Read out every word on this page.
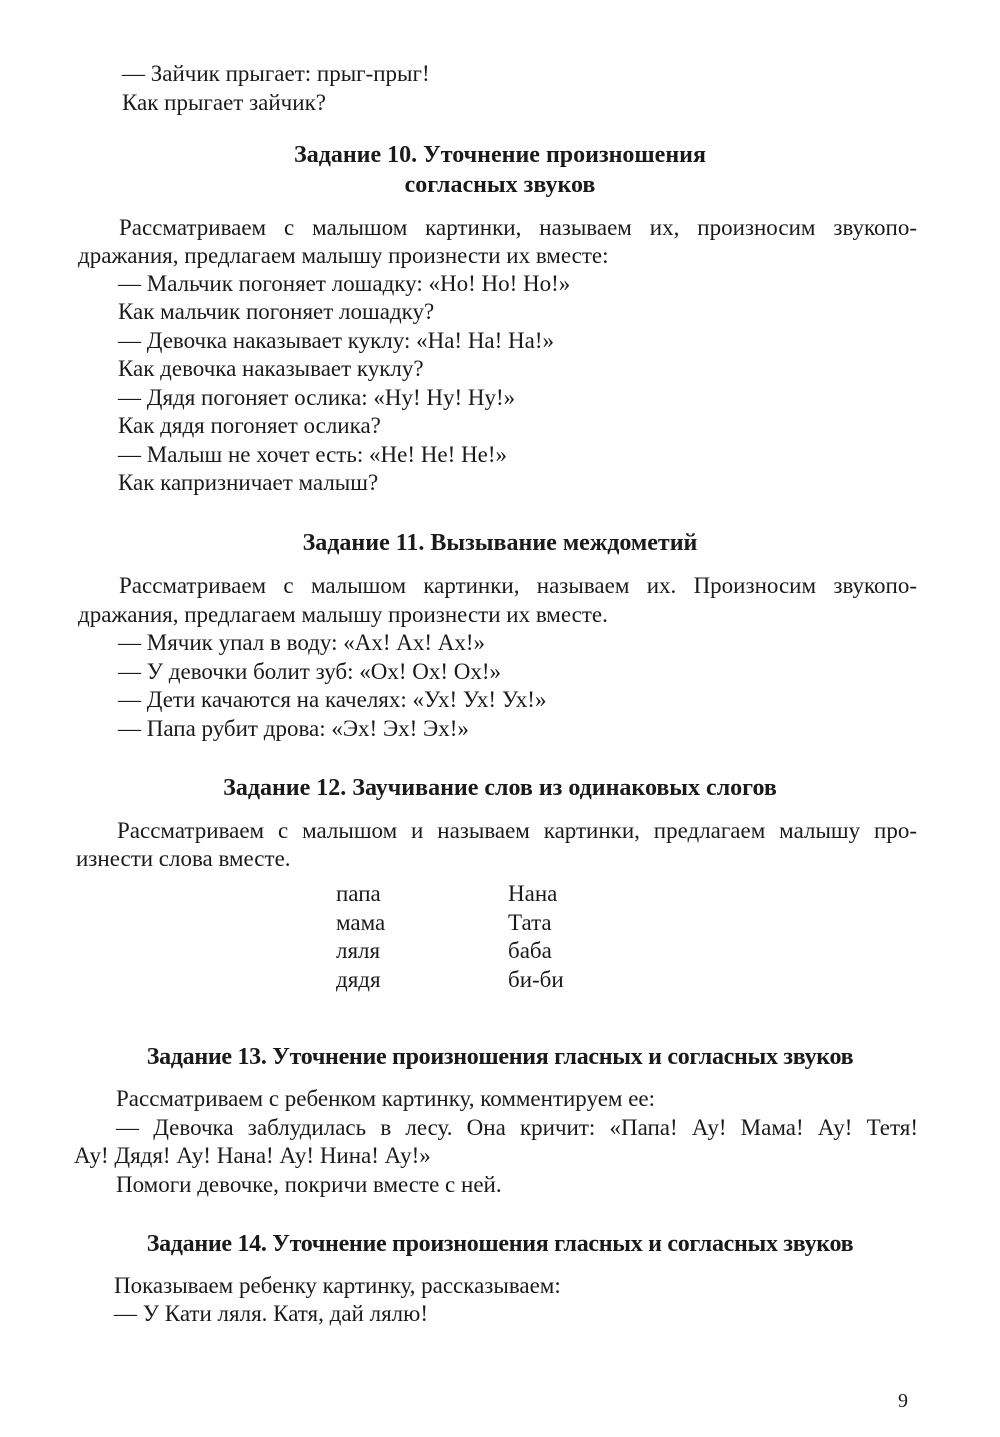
— Зайчик прыгает: прыг-прыг!
Как прыгает зайчик?
Задание 10. Уточнение произношения
согласных звуков
Рассматриваем с малышом картинки, называем их, произносим звукопо-
дражания, предлагаем малышу произнести их вместе:
— Мальчик погоняет лошадку: «Но! Но! Но!»
Как мальчик погоняет лошадку?
— Девочка наказывает куклу: «На! На! На!»
Как девочка наказывает куклу?
— Дядя погоняет ослика: «Ну! Ну! Ну!»
Как дядя погоняет ослика?
— Малыш не хочет есть: «Не! Не! Не!»
Как капризничает малыш?
Задание 11. Вызывание междометий
Рассматриваем с малышом картинки, называем их. Произносим звукопо-
дражания, предлагаем малышу произнести их вместе.
— Мячик упал в воду: «Ах! Ах! Ах!»
— У девочки болит зуб: «Ох! Ох! Ох!»
— Дети качаются на качелях: «Ух! Ух! Ух!»
— Папа рубит дрова: «Эх! Эх! Эх!»
Задание 12. Заучивание слов из одинаковых слогов
Рассматриваем с малышом и называем картинки, предлагаем малышу про-
изнести слова вместе.
папа
мама
ляля
дядя
Нана
Тата
баба
би-би
Задание 13. Уточнение произношения гласных и согласных звуков
Рассматриваем с ребенком картинку, комментируем ее:
— Девочка заблудилась в лесу. Она кричит: «Папа! Ау! Мама! Ау! Тетя!
Ау! Дядя! Ау! Нана! Ау! Нина! Ау!»
Помоги девочке, покричи вместе с ней.
Задание 14. Уточнение произношения гласных и согласных звуков
Показываем ребенку картинку, рассказываем:
— У Кати ляля. Катя, дай лялю!
9
